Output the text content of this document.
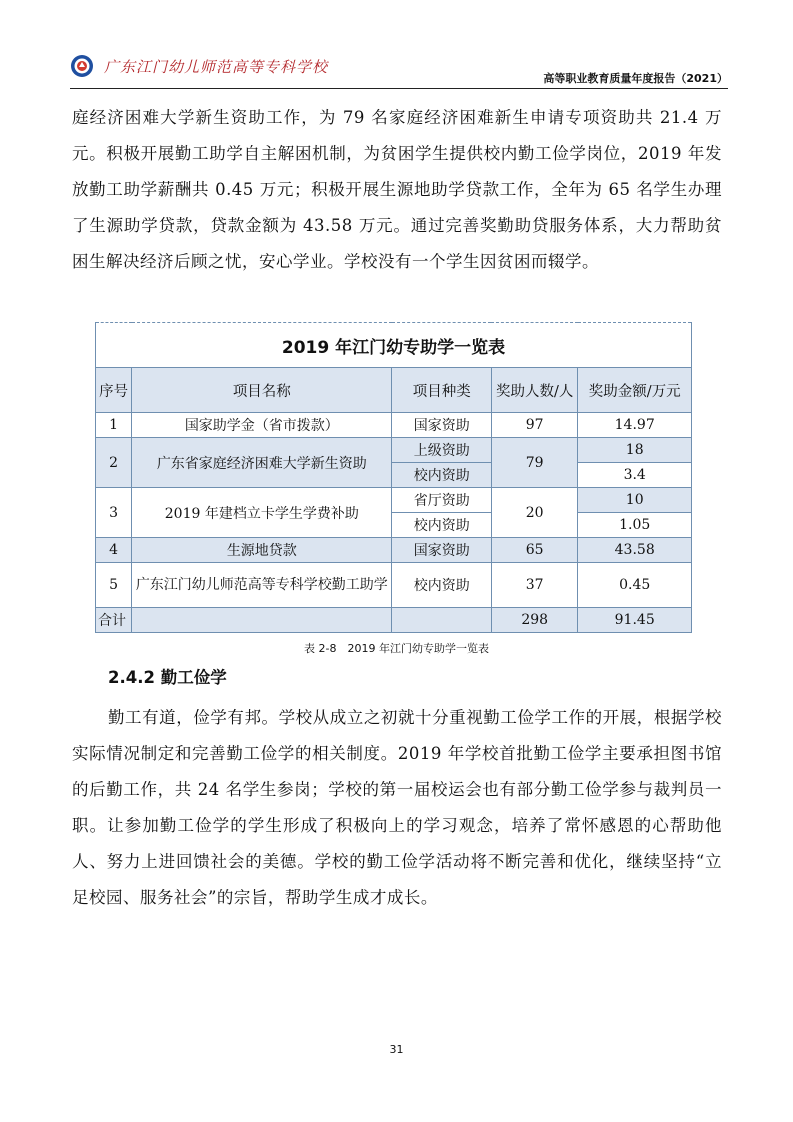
广东江门幼儿师范高等专科学校
高等职业教育质量年度报告（2021）
庭经济困难大学新生资助工作，为 79 名家庭经济困难新生申请专项资助共 21.4 万元。积极开展勤工助学自主解困机制，为贫困学生提供校内勤工俭学岗位，2019 年发放勤工助学薪酬共 0.45 万元；积极开展生源地助学贷款工作，全年为 65 名学生办理了生源助学贷款，贷款金额为 43.58 万元。通过完善奖勤助贷服务体系，大力帮助贫困生解决经济后顾之忧，安心学业。学校没有一个学生因贫困而辍学。
2019 年江门幼专助学一览表				
序号	项目名称	项目种类	奖助人数/人	奖助金额/万元
1	国家助学金（省市拨款）	国家资助	97	14.97
2	广东省家庭经济困难大学新生资助	上级资助	79	18
		校内资助		3.4
3	2019 年建档立卡学生学费补助	省厅资助	20	10
		校内资助		1.05
4	生源地贷款	国家资助	65	43.58
5	广东江门幼儿师范高等专科学校勤工助学	校内资助	37	0.45
合计			298	91.45
表 2-8　2019 年江门幼专助学一览表
2.4.2 勤工俭学
勤工有道，俭学有邦。学校从成立之初就十分重视勤工俭学工作的开展，根据学校实际情况制定和完善勤工俭学的相关制度。2019 年学校首批勤工俭学主要承担图书馆的后勤工作，共 24 名学生参岗；学校的第一届校运会也有部分勤工俭学参与裁判员一职。让参加勤工俭学的学生形成了积极向上的学习观念，培养了常怀感恩的心帮助他人、努力上进回馈社会的美德。学校的勤工俭学活动将不断完善和优化，继续坚持“立足校园、服务社会”的宗旨，帮助学生成才成长。
31
